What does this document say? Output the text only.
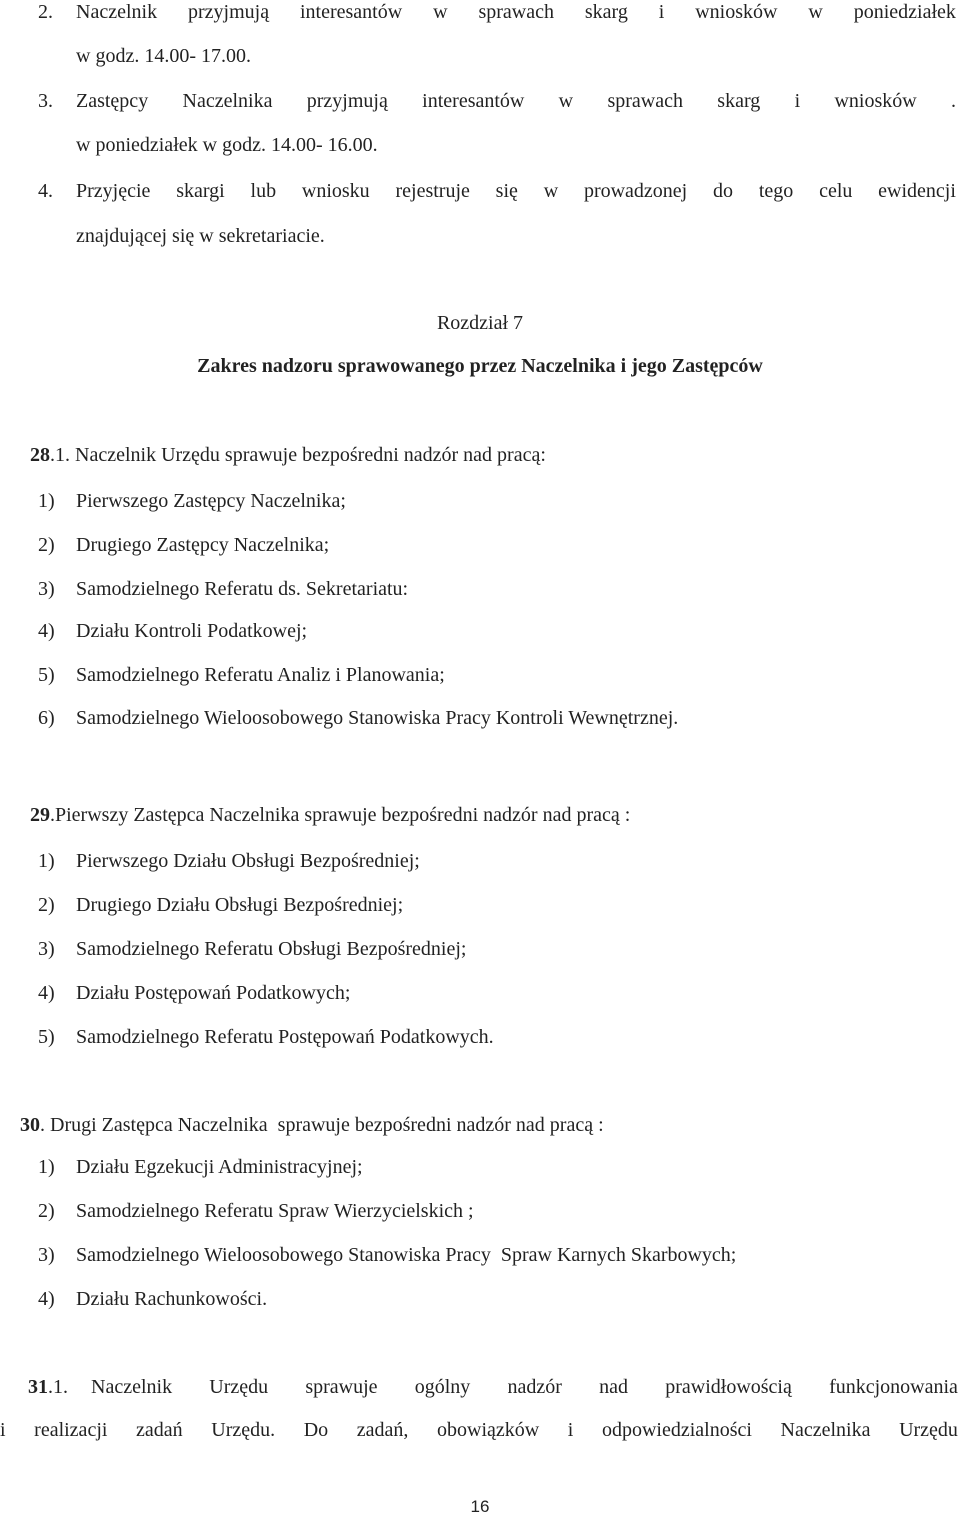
2. Naczelnik przyjmują interesantów w sprawach skarg i wniosków w poniedziałek
w godz. 14.00- 17.00.
3. Zastępcy Naczelnika przyjmują interesantów w sprawach skarg i wniosków .
w poniedziałek w godz. 14.00- 16.00.
4. Przyjęcie skargi lub wniosku rejestruje się w prowadzonej do tego celu ewidencji
znajdującej się w sekretariacie.
Rozdział 7
Zakres nadzoru sprawowanego przez Naczelnika i jego Zastępców
28.1. Naczelnik Urzędu sprawuje bezpośredni nadzór nad pracą:
1) Pierwszego Zastępcy Naczelnika;
2) Drugiego Zastępcy Naczelnika;
3) Samodzielnego Referatu ds. Sekretariatu:
4) Działu Kontroli Podatkowej;
5) Samodzielnego Referatu Analiz i Planowania;
6) Samodzielnego Wieloosobowego Stanowiska Pracy Kontroli Wewnętrznej.
29.Pierwszy Zastępca Naczelnika sprawuje bezpośredni nadzór nad pracą :
1) Pierwszego Działu Obsługi Bezpośredniej;
2) Drugiego Działu Obsługi Bezpośredniej;
3) Samodzielnego Referatu Obsługi Bezpośredniej;
4) Działu Postępowań Podatkowych;
5) Samodzielnego Referatu Postępowań Podatkowych.
30. Drugi Zastępca Naczelnika  sprawuje bezpośredni nadzór nad pracą :
1) Działu Egzekucji Administracyjnej;
2) Samodzielnego Referatu Spraw Wierzycielskich ;
3) Samodzielnego Wieloosobowego Stanowiska Pracy  Spraw Karnych Skarbowych;
4) Działu Rachunkowości.
31.1. Naczelnik Urzędu sprawuje ogólny nadzór nad prawidłowością funkcjonowania
i realizacji zadań Urzędu. Do zadań, obowiązków i odpowiedzialności Naczelnika Urzędu
16
